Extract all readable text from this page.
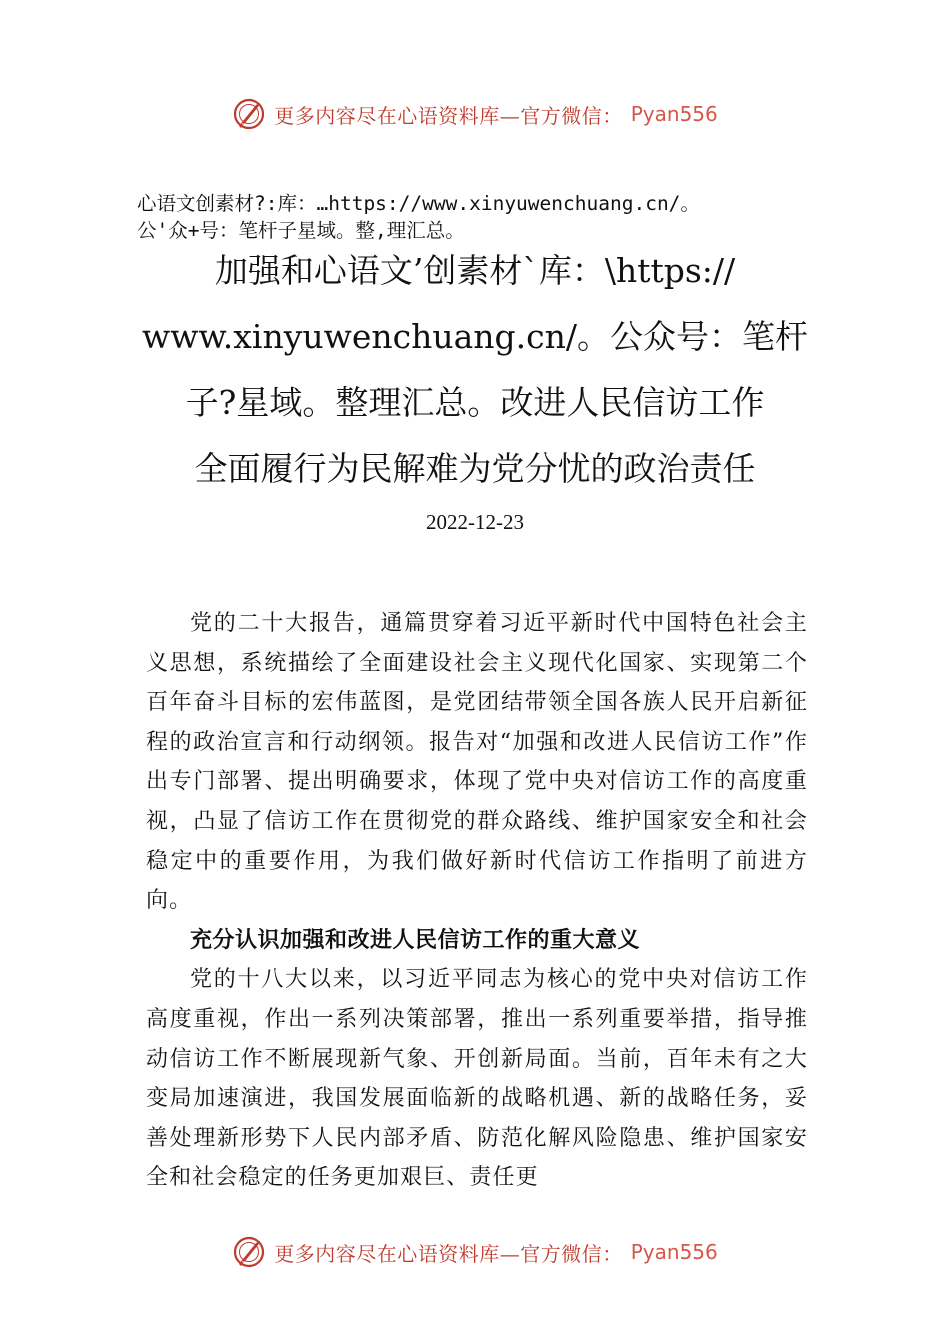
更多内容尽在心语资料库—官方微信： Pyan556
心语文创素材?:库：…https://www.xinyuwenchuang.cn/。
公'众+号：笔杆子星域。整,理汇总。
加强和心语文’创素材`库：\https://
www.xinyuwenchuang.cn/。公众号：笔杆
子?星域。整理汇总。改进人民信访工作
全面履行为民解难为党分忧的政治责任
2022-12-23

党的二十大报告，通篇贯穿着习近平新时代中国特色社会主义思想，系统描绘了全面建设社会主义现代化国家、实现第二个百年奋斗目标的宏伟蓝图，是党团结带领全国各族人民开启新征程的政治宣言和行动纲领。报告对“加强和改进人民信访工作”作出专门部署、提出明确要求，体现了党中央对信访工作的高度重视，凸显了信访工作在贯彻党的群众路线、维护国家安全和社会稳定中的重要作用，为我们做好新时代信访工作指明了前进方向。

充分认识加强和改进人民信访工作的重大意义

党的十八大以来，以习近平同志为核心的党中央对信访工作高度重视，作出一系列决策部署，推出一系列重要举措，指导推动信访工作不断展现新气象、开创新局面。当前，百年未有之大变局加速演进，我国发展面临新的战略机遇、新的战略任务，妥善处理新形势下人民内部矛盾、防范化解风险隐患、维护国家安全和社会稳定的任务更加艰巨、责任更

更多内容尽在心语资料库—官方微信： Pyan556
